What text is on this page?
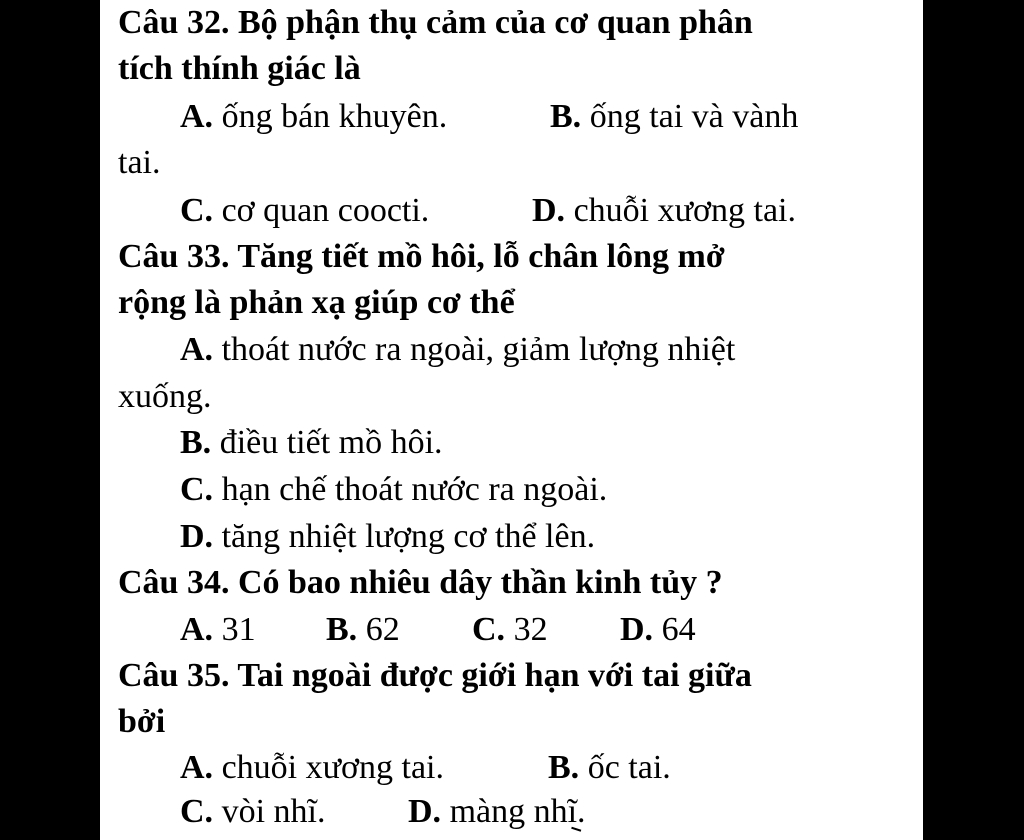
Câu 32. Bộ phận thụ cảm của cơ quan phân
tích thính giác là
A. ống bán khuyên.	B. ống tai và vành
tai.
C. cơ quan coocti.	D. chuỗi xương tai.
Câu 33. Tăng tiết mồ hôi, lỗ chân lông mở
rộng là phản xạ giúp cơ thể
A. thoát nước ra ngoài, giảm lượng nhiệt
xuống.
B. điều tiết mồ hôi.
C. hạn chế thoát nước ra ngoài.
D. tăng nhiệt lượng cơ thể lên.
Câu 34. Có bao nhiêu dây thần kinh tủy ?
A. 31 B. 62 C. 32 D. 64
Câu 35. Tai ngoài được giới hạn với tai giữa
bởi
A. chuỗi xương tai.	B. ốc tai.
C. vòi nhĩ. D. màng nhĩ.
